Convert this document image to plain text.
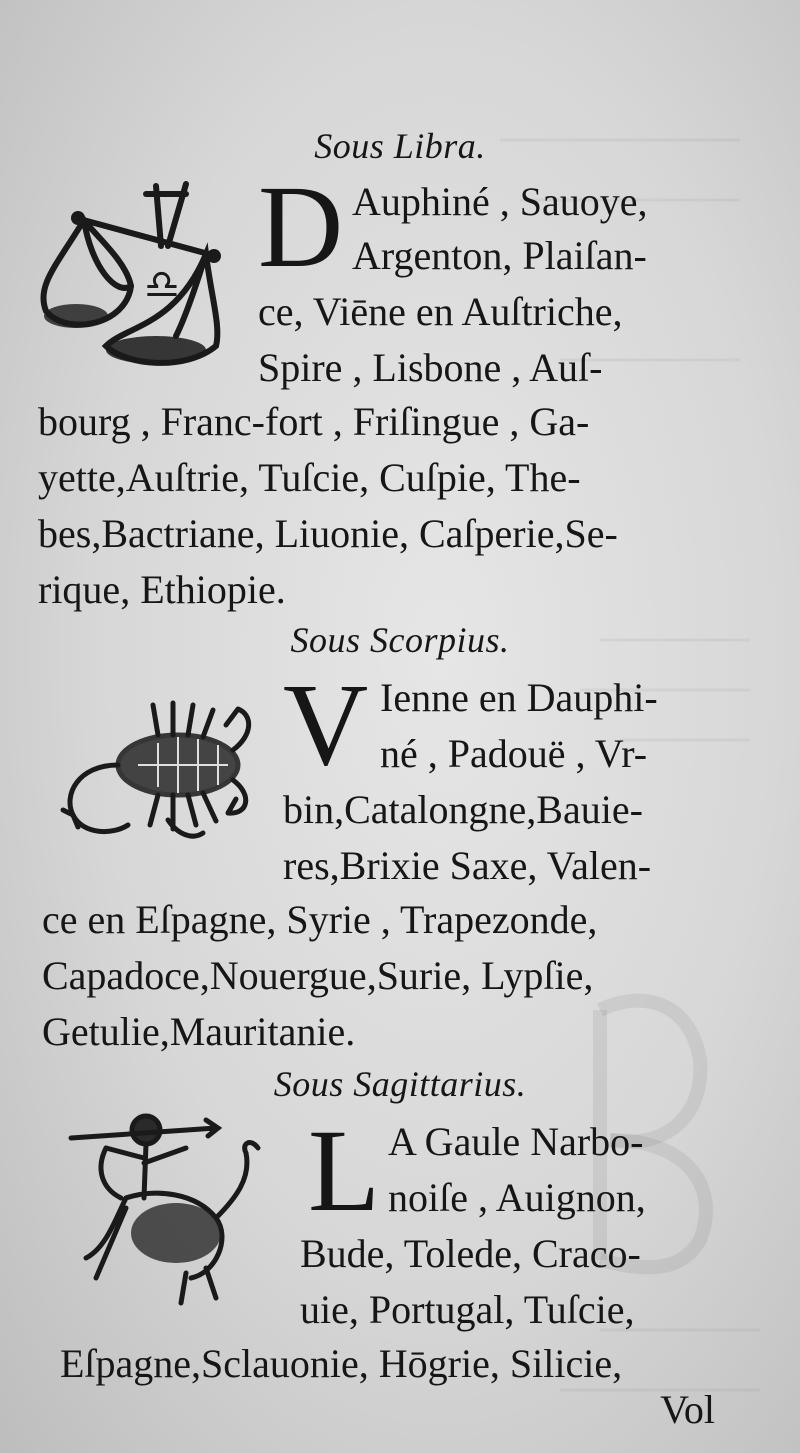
Sous Libra.
♎ D Auphiné , Sauoye,
Argenton, Plaiſan-
ce, Viēne en Auſtriche,
Spire , Lisbone , Auſ-
bourg , Franc-fort , Friſingue , Ga-
yette,Auſtrie, Tuſcie, Cuſpie, The-
bes,Bactriane, Liuonie, Caſperie,Se-
rique, Ethiopie.
Sous Scorpius.
V Ienne en Dauphi-
né , Padouë , Vr-
bin,Catalongne,Bauie-
res,Brixie Saxe, Valen-
ce en Eſpagne, Syrie , Trapezonde,
Capadoce,Nouergue,Surie, Lypſie,
Getulie,Mauritanie.
Sous Sagittarius.
L A Gaule Narbo-
noiſe , Auignon,
Bude, Tolede, Craco-
uie, Portugal, Tuſcie,
Eſpagne,Sclauonie, Hōgrie, Silicie,
Vol
